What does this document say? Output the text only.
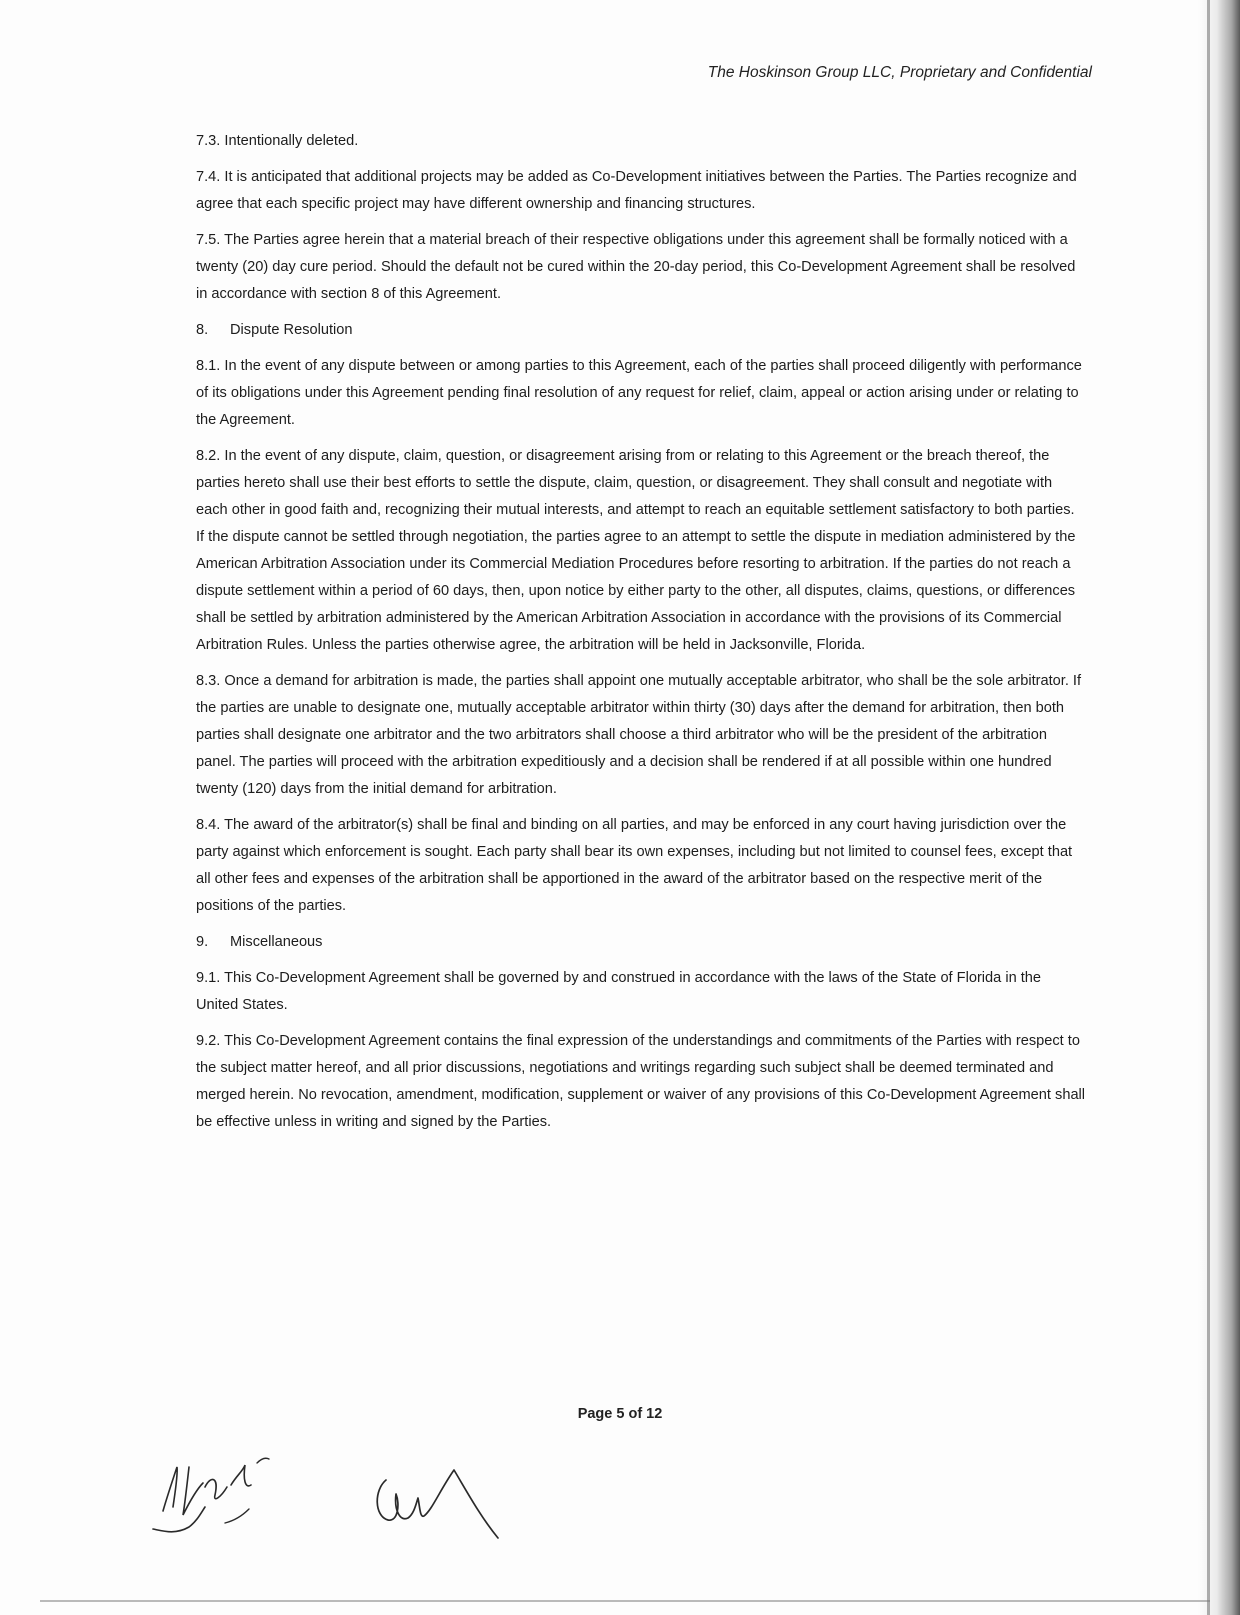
The Hoskinson Group LLC, Proprietary and Confidential

7.3. Intentionally deleted.

7.4. It is anticipated that additional projects may be added as Co-Development initiatives between the Parties. The Parties recognize and agree that each specific project may have different ownership and financing structures.

7.5. The Parties agree herein that a material breach of their respective obligations under this agreement shall be formally noticed with a twenty (20) day cure period. Should the default not be cured within the 20-day period, this Co-Development Agreement shall be resolved in accordance with section 8 of this Agreement.

8. Dispute Resolution

8.1. In the event of any dispute between or among parties to this Agreement, each of the parties shall proceed diligently with performance of its obligations under this Agreement pending final resolution of any request for relief, claim, appeal or action arising under or relating to the Agreement.

8.2. In the event of any dispute, claim, question, or disagreement arising from or relating to this Agreement or the breach thereof, the parties hereto shall use their best efforts to settle the dispute, claim, question, or disagreement. They shall consult and negotiate with each other in good faith and, recognizing their mutual interests, and attempt to reach an equitable settlement satisfactory to both parties. If the dispute cannot be settled through negotiation, the parties agree to an attempt to settle the dispute in mediation administered by the American Arbitration Association under its Commercial Mediation Procedures before resorting to arbitration. If the parties do not reach a dispute settlement within a period of 60 days, then, upon notice by either party to the other, all disputes, claims, questions, or differences shall be settled by arbitration administered by the American Arbitration Association in accordance with the provisions of its Commercial Arbitration Rules. Unless the parties otherwise agree, the arbitration will be held in Jacksonville, Florida.

8.3. Once a demand for arbitration is made, the parties shall appoint one mutually acceptable arbitrator, who shall be the sole arbitrator. If the parties are unable to designate one, mutually acceptable arbitrator within thirty (30) days after the demand for arbitration, then both parties shall designate one arbitrator and the two arbitrators shall choose a third arbitrator who will be the president of the arbitration panel. The parties will proceed with the arbitration expeditiously and a decision shall be rendered if at all possible within one hundred twenty (120) days from the initial demand for arbitration.

8.4. The award of the arbitrator(s) shall be final and binding on all parties, and may be enforced in any court having jurisdiction over the party against which enforcement is sought. Each party shall bear its own expenses, including but not limited to counsel fees, except that all other fees and expenses of the arbitration shall be apportioned in the award of the arbitrator based on the respective merit of the positions of the parties.

9. Miscellaneous

9.1. This Co-Development Agreement shall be governed by and construed in accordance with the laws of the State of Florida in the United States.

9.2. This Co-Development Agreement contains the final expression of the understandings and commitments of the Parties with respect to the subject matter hereof, and all prior discussions, negotiations and writings regarding such subject shall be deemed terminated and merged herein. No revocation, amendment, modification, supplement or waiver of any provisions of this Co-Development Agreement shall be effective unless in writing and signed by the Parties.

Page 5 of 12
